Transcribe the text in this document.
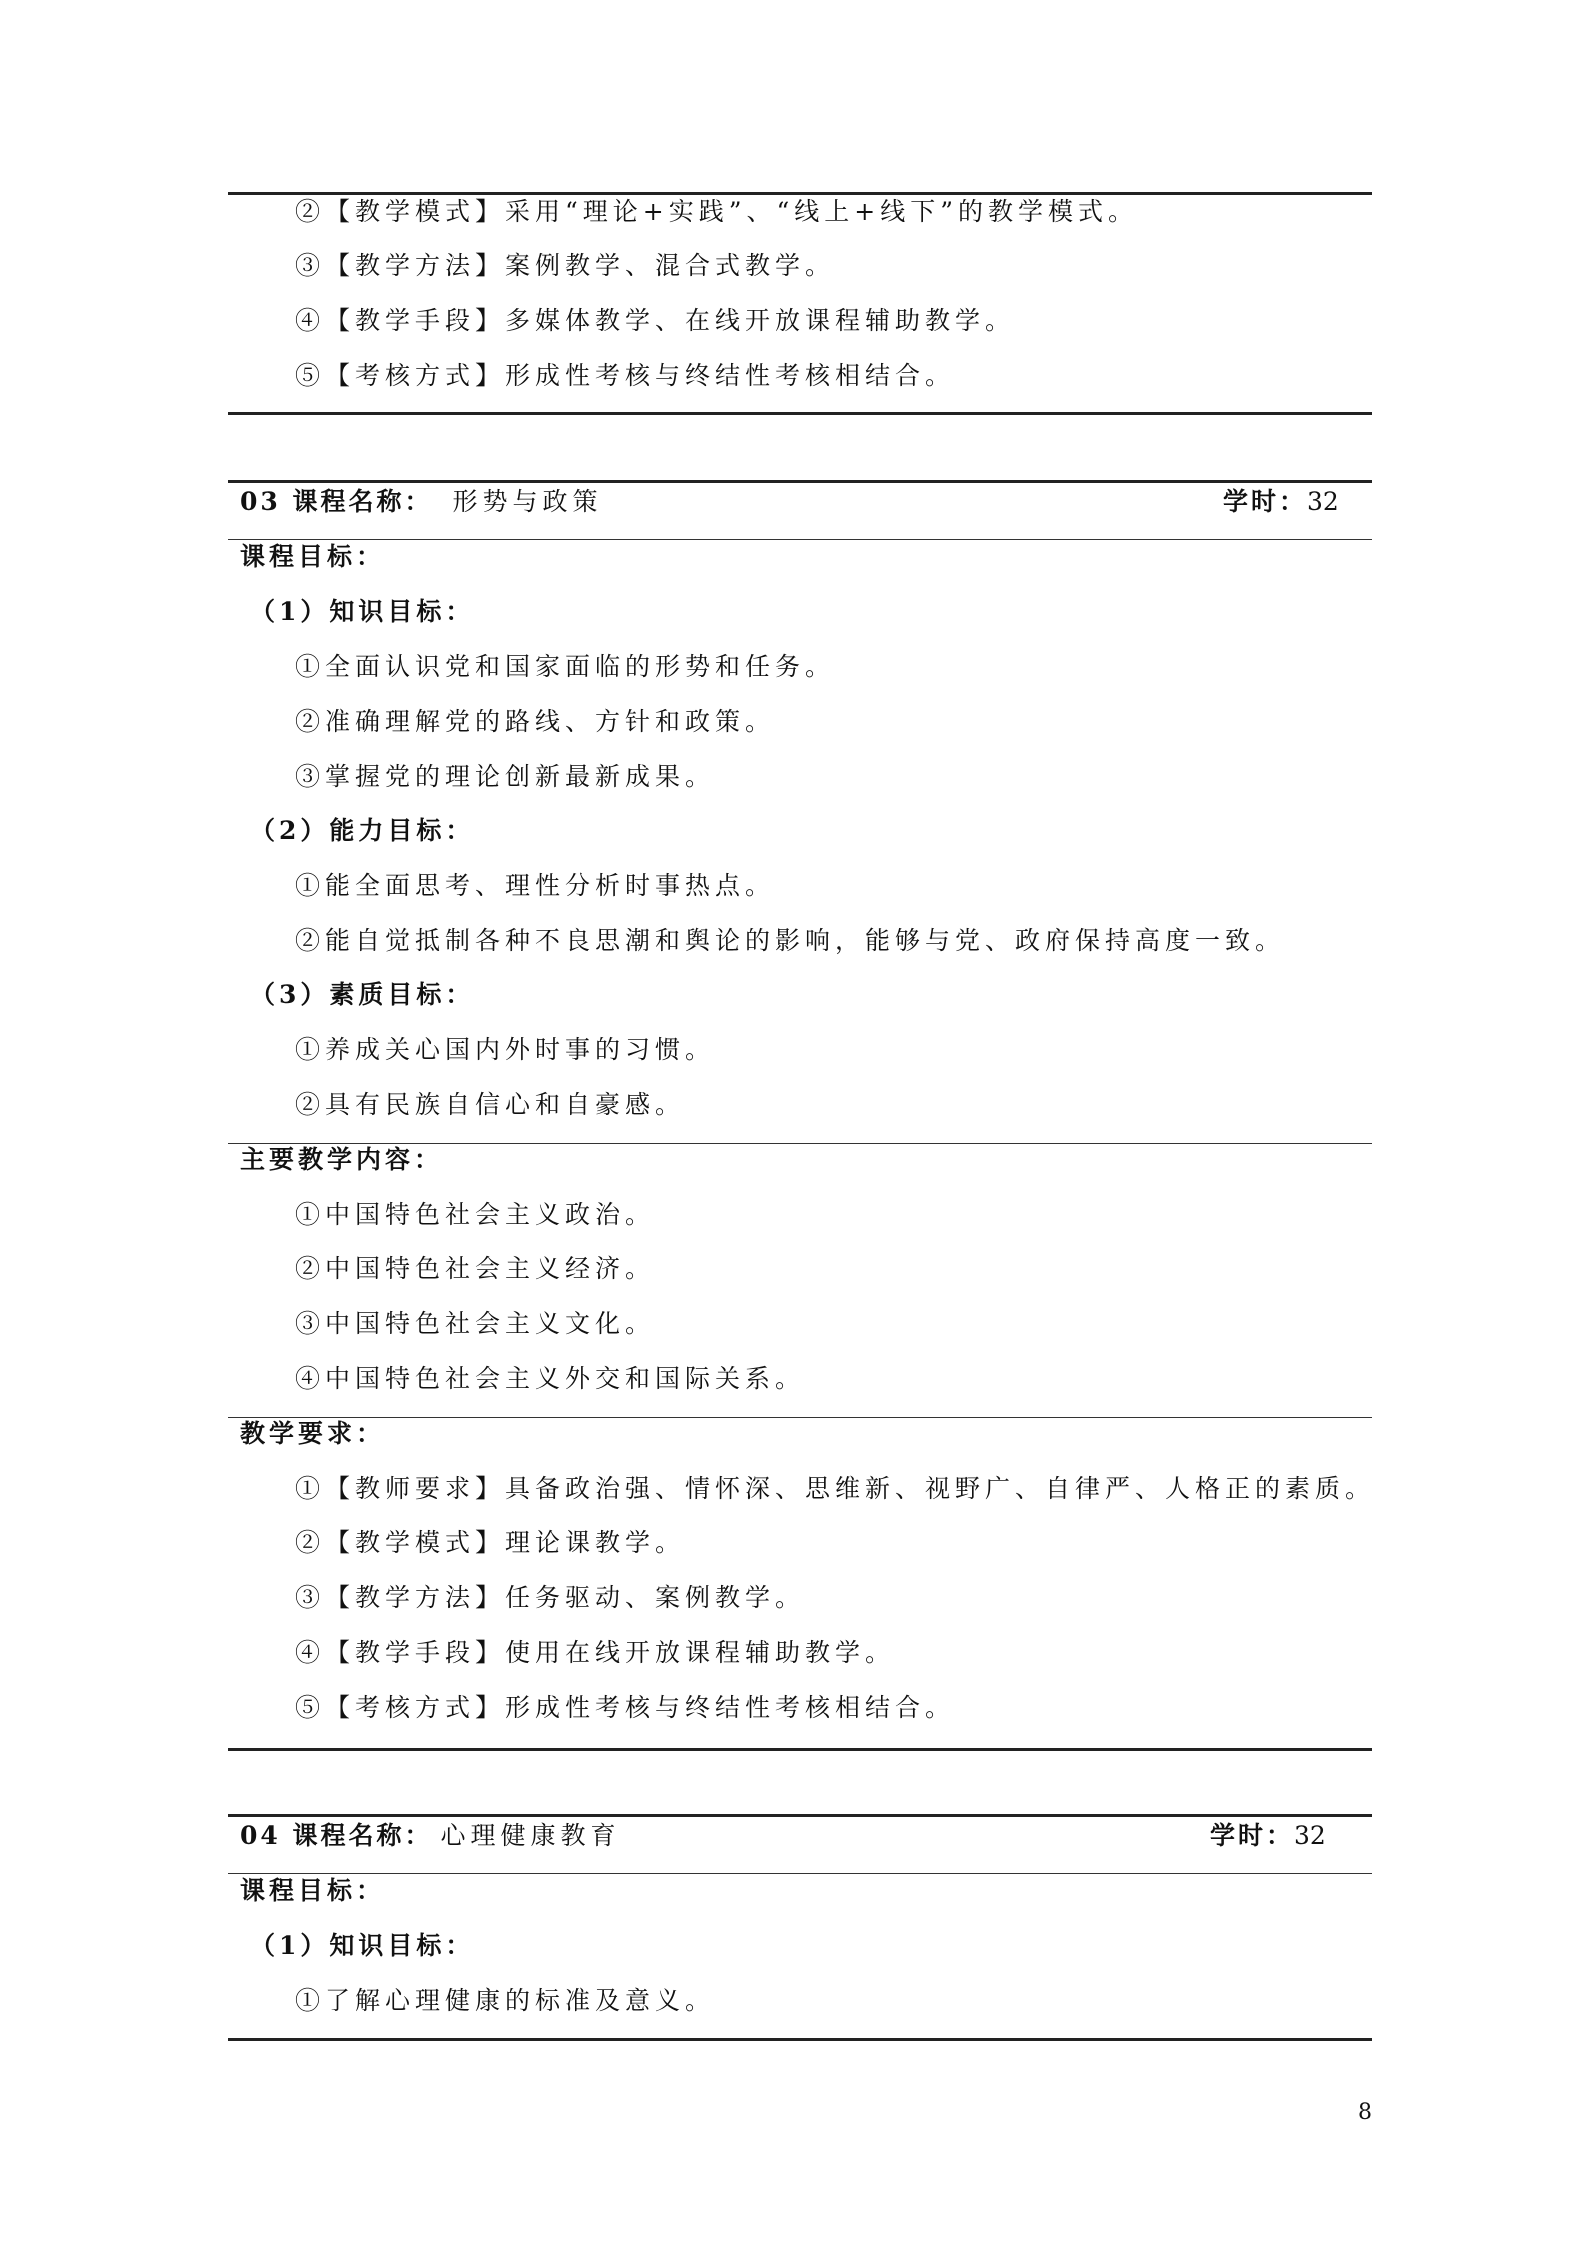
②【教学模式】采用“理论+实践”、“线上+线下”的教学模式。
③【教学方法】案例教学、混合式教学。
④【教学手段】多媒体教学、在线开放课程辅助教学。
⑤【考核方式】形成性考核与终结性考核相结合。
03 课程名称： 形势与政策	学时：32
课程目标：
（1）知识目标：
①全面认识党和国家面临的形势和任务。
②准确理解党的路线、方针和政策。
③掌握党的理论创新最新成果。
（2）能力目标：
①能全面思考、理性分析时事热点。
②能自觉抵制各种不良思潮和舆论的影响，能够与党、政府保持高度一致。
（3）素质目标：
①养成关心国内外时事的习惯。
②具有民族自信心和自豪感。
主要教学内容：
①中国特色社会主义政治。
②中国特色社会主义经济。
③中国特色社会主义文化。
④中国特色社会主义外交和国际关系。
教学要求：
①【教师要求】具备政治强、情怀深、思维新、视野广、自律严、人格正的素质。
②【教学模式】理论课教学。
③【教学方法】任务驱动、案例教学。
④【教学手段】使用在线开放课程辅助教学。
⑤【考核方式】形成性考核与终结性考核相结合。
04 课程名称： 心理健康教育	学时：32
课程目标：
（1）知识目标：
①了解心理健康的标准及意义。
8
